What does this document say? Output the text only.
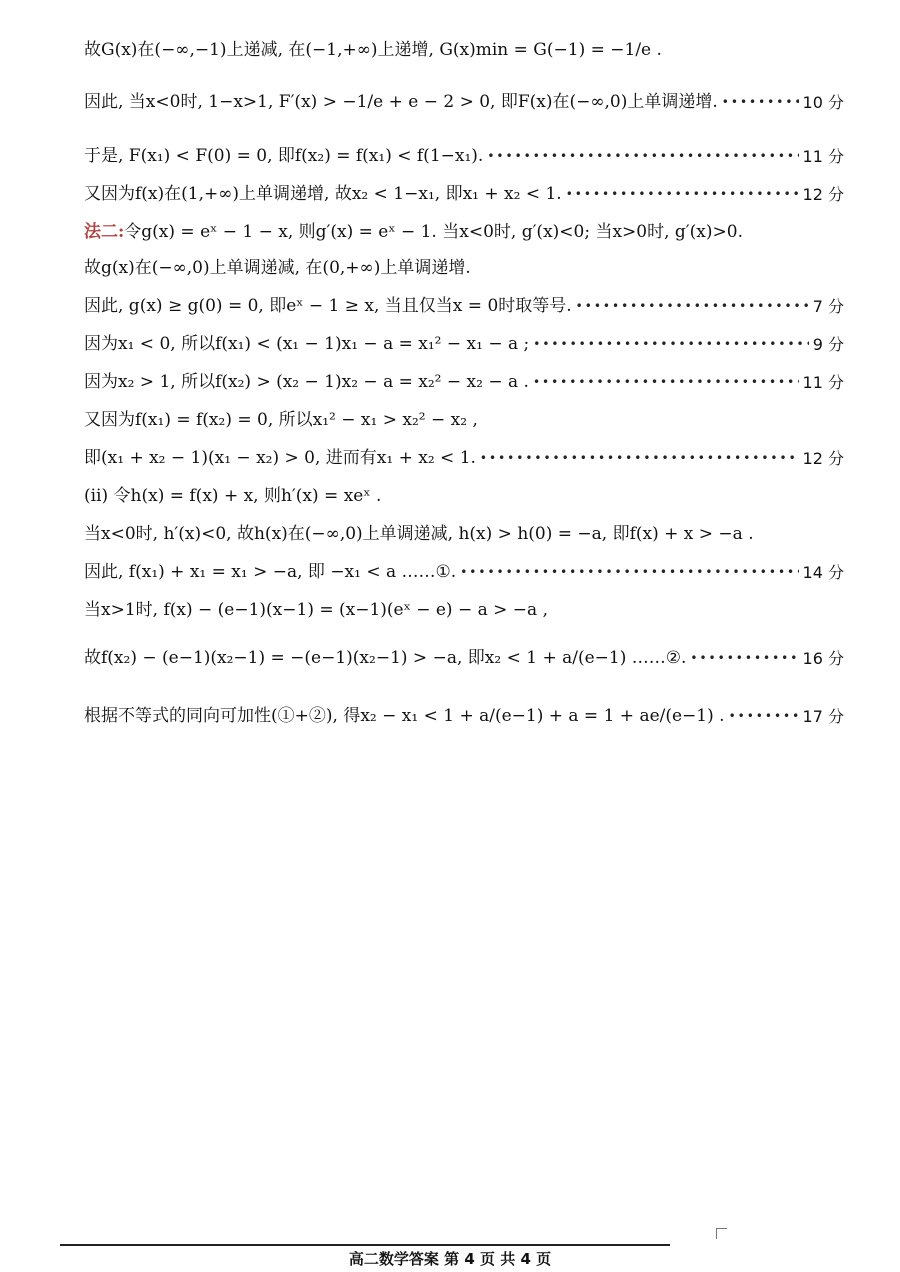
故G(x)在(−∞,−1)上递减, 在(−1,+∞)上递增, G(x)min = G(−1) = −1/e .
因此, 当x<0时, 1−x>1, F′(x) > −1/e + e − 2 > 0, 即F(x)在(−∞,0)上单调递增. •••••	10 分
于是, F(x₁) < F(0) = 0, 即f(x₂) = f(x₁) < f(1−x₁). •••••	11 分
又因为f(x)在(1,+∞)上单调递增, 故x₂ < 1−x₁, 即x₁ + x₂ < 1. •••••	12 分
法二: 令g(x) = eˣ − 1 − x, 则g′(x) = eˣ − 1. 当x<0时, g′(x)<0; 当x>0时, g′(x)>0.
故g(x)在(−∞,0)上单调递减, 在(0,+∞)上单调递增.
因此, g(x) ≥ g(0) = 0, 即eˣ − 1 ≥ x, 当且仅当x = 0时取等号. •••••	7 分
因为x₁ < 0, 所以f(x₁) < (x₁ − 1)x₁ − a = x₁² − x₁ − a ; •••••	9 分
因为x₂ > 1, 所以f(x₂) > (x₂ − 1)x₂ − a = x₂² − x₂ − a . •••••	11 分
又因为f(x₁) = f(x₂) = 0, 所以x₁² − x₁ > x₂² − x₂ ,
即(x₁ + x₂ − 1)(x₁ − x₂) > 0, 进而有x₁ + x₂ < 1. •••••	12 分
(ⅱ) 令h(x) = f(x) + x, 则h′(x) = xeˣ .
当x<0时, h′(x)<0, 故h(x)在(−∞,0)上单调递减, h(x) > h(0) = −a, 即f(x) + x > −a .
因此, f(x₁) + x₁ = x₁ > −a, 即 −x₁ < a ……①. •••••	14 分
当x>1时, f(x) − (e−1)(x−1) = (x−1)(eˣ − e) − a > −a ,
故f(x₂) − (e−1)(x₂−1) = −(e−1)(x₂−1) > −a, 即x₂ < 1 + a/(e−1) ……②. •••••	16 分
根据不等式的同向可加性(①+②), 得x₂ − x₁ < 1 + a/(e−1) + a = 1 + ae/(e−1) . •••••	17 分
高二数学答案 第 4 页 共 4 页
